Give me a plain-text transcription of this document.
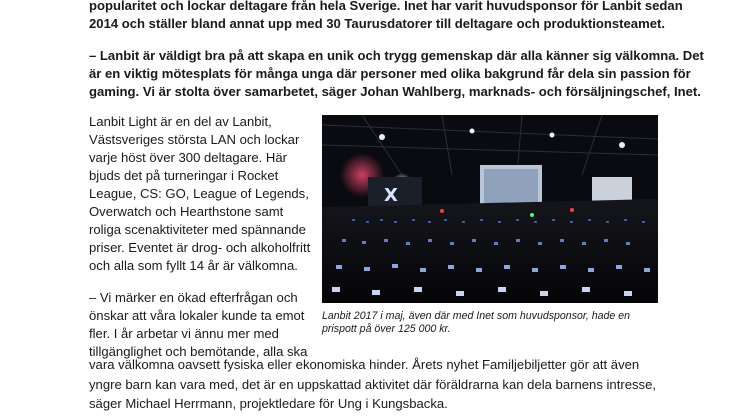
popularitet och lockar deltagare från hela Sverige. Inet har varit huvudsponsor för Lanbit sedan
2014 och ställer bland annat upp med 30 Taurusdatorer till deltagare och produktionsteamet.
– Lanbit är väldigt bra på att skapa en unik och trygg gemenskap där alla känner sig välkomna. Det
är en viktig mötesplats för många unga där personer med olika bakgrund får dela sin passion för
gaming. Vi är stolta över samarbetet, säger Johan Wahlberg, marknads- och försäljningschef, Inet.

Lanbit Light är en del av Lanbit, Västsveriges största LAN och lockar varje höst över 300 deltagare. Här bjuds det på turneringar i Rocket League, CS: GO, League of Legends, Overwatch och Hearthstone samt roliga scenaktiviteter med spännande priser. Eventet är drog- och alkoholfritt och alla som fyllt 14 år är välkomna.

– Vi märker en ökad efterfrågan och önskar att våra lokaler kunde ta emot fler. I år arbetar vi ännu mer med tillgänglighet och bemötande, alla ska

X
Lanbit 2017 i maj, även där med Inet som huvudsponsor, hade en prispott på över 125 000 kr.
vara välkomna oavsett fysiska eller ekonomiska hinder. Årets nyhet Familjebiljetter gör att även
yngre barn kan vara med, det är en uppskattad aktivitet där föräldrarna kan dela barnens intresse,
säger Michael Herrmann, projektledare för Ung i Kungsbacka.
